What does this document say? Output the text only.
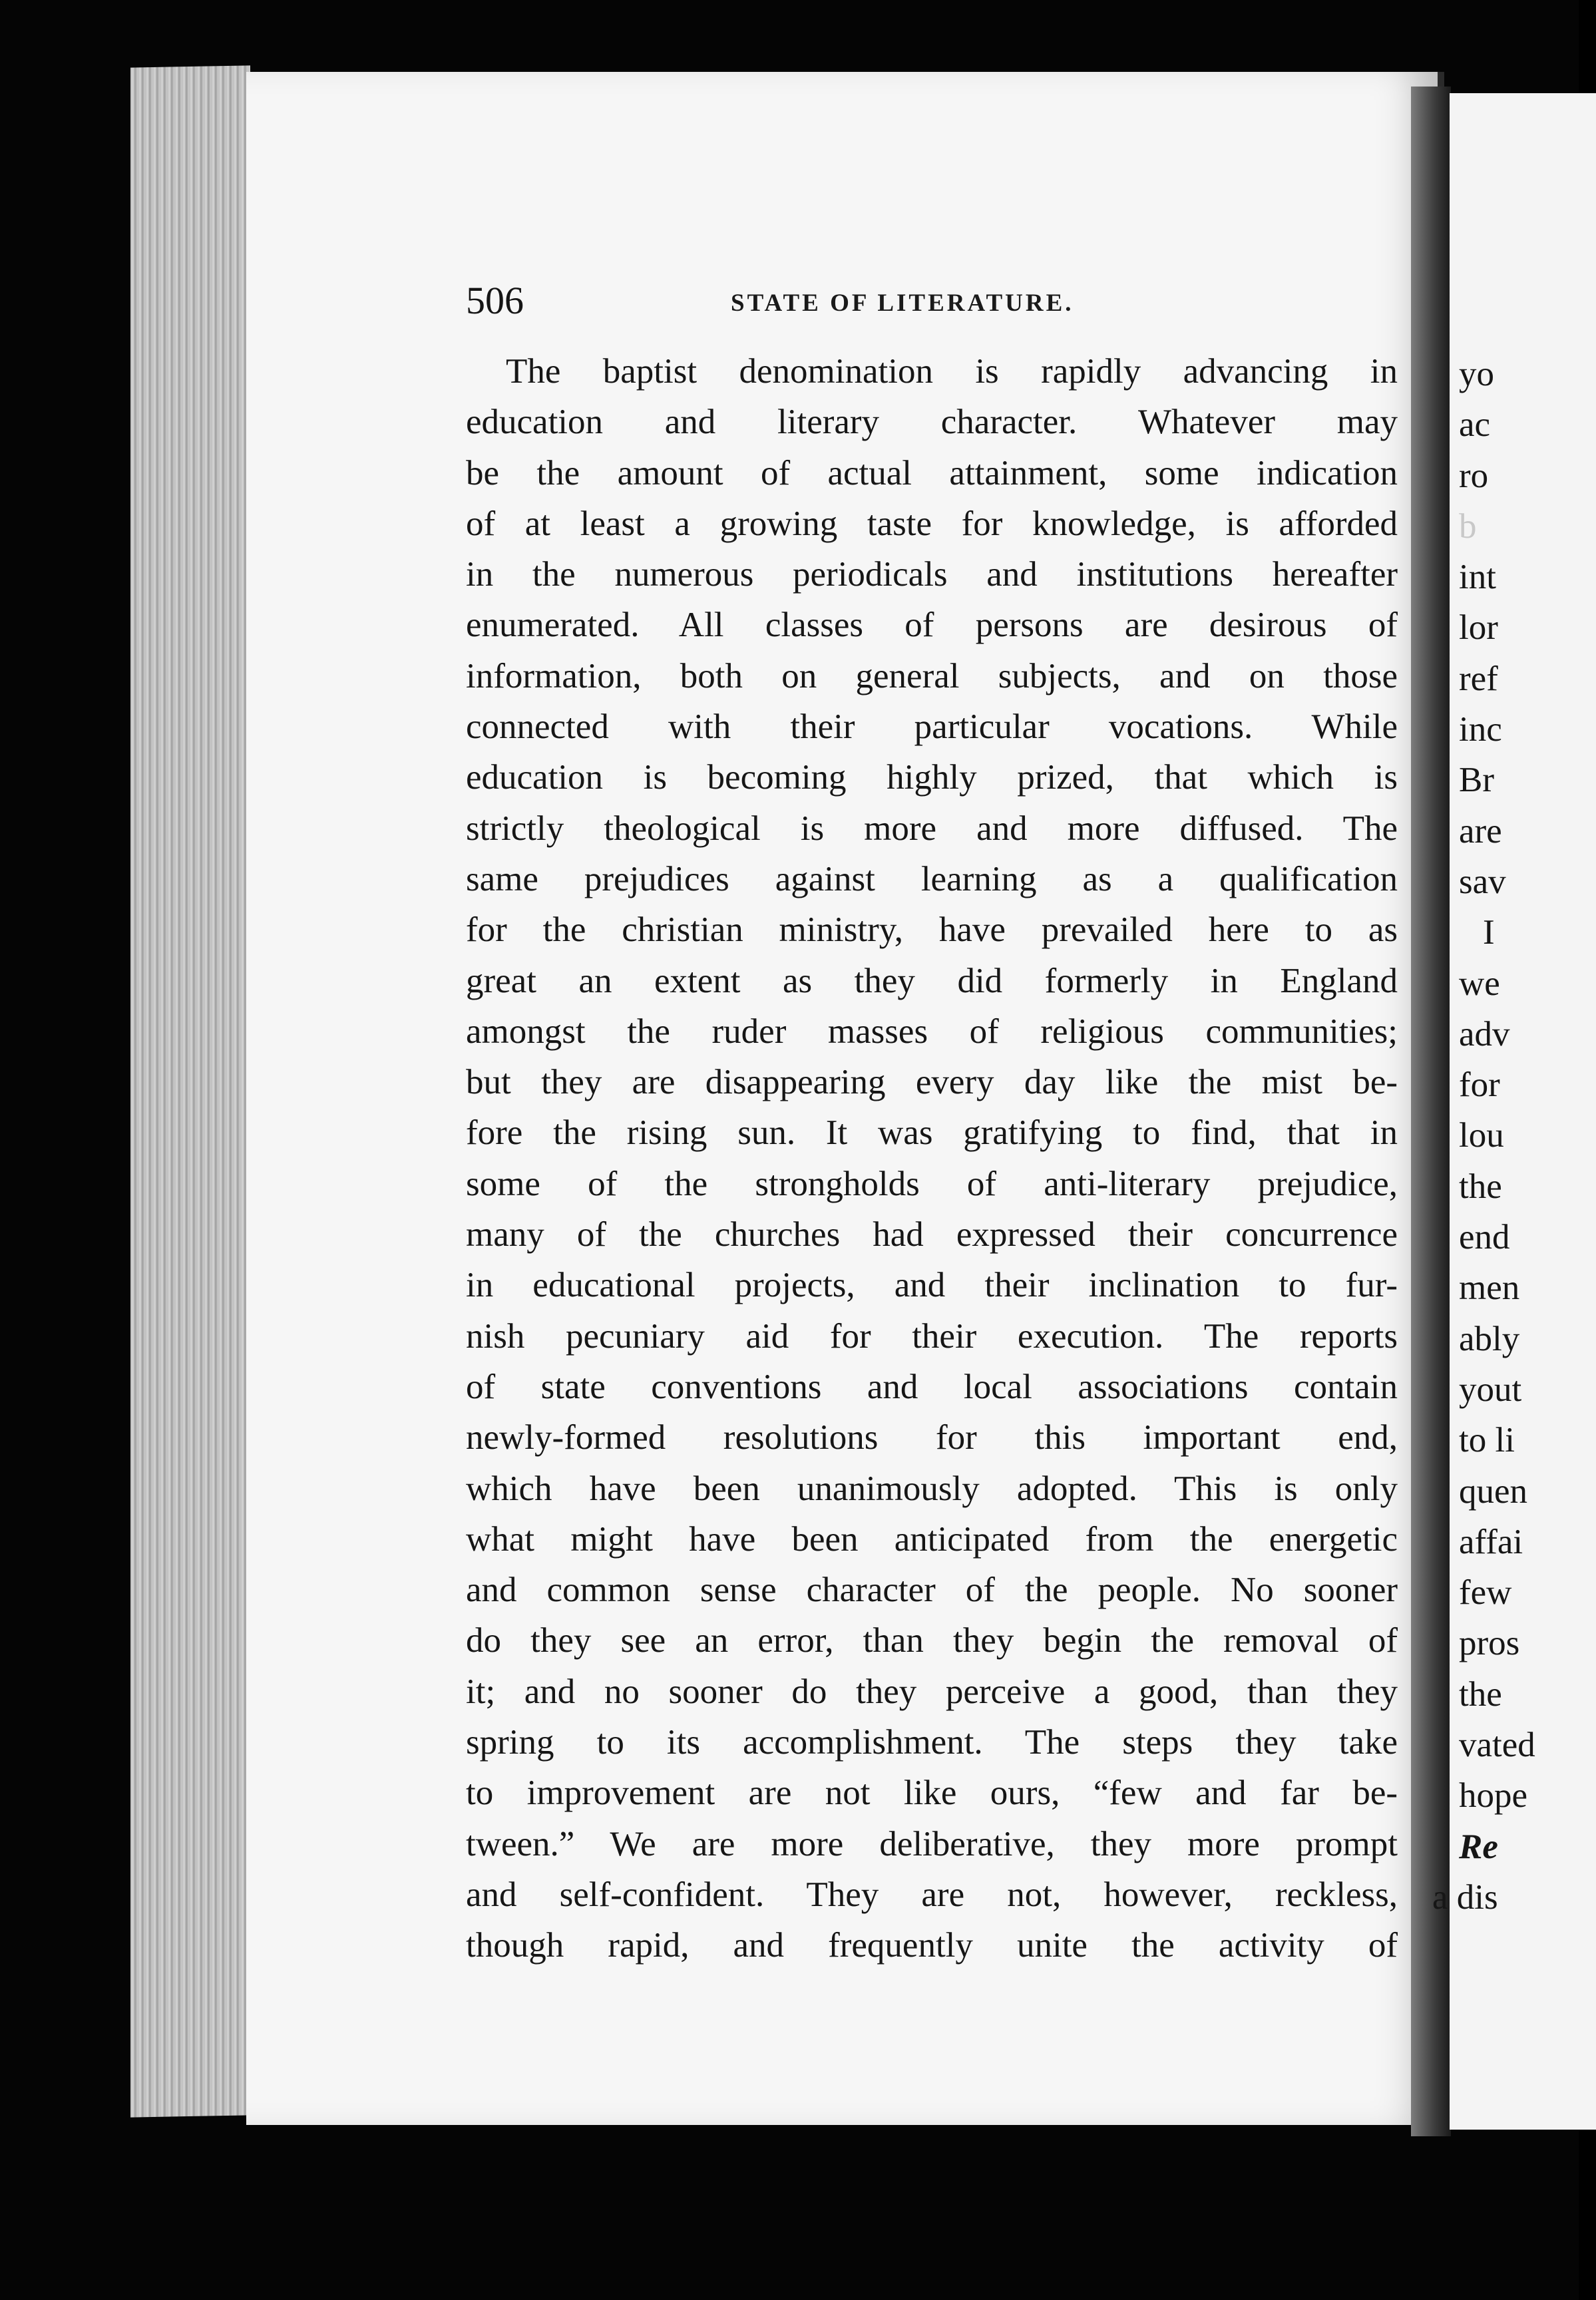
yo
ac
ro
b
int
lor
ref
inc
Br
are
sav
I
we
adv
for
lou
the
end
men
ably
yout
to li
quen
affai
few
pros
the
vated
hope
Re
a dis
506	STATE OF LITERATURE.
The baptist denomination is rapidly advancing in
education and literary character. Whatever may
be the amount of actual attainment, some indication
of at least a growing taste for knowledge, is afforded
in the numerous periodicals and institutions hereafter
enumerated. All classes of persons are desirous of
information, both on general subjects, and on those
connected with their particular vocations. While
education is becoming highly prized, that which is
strictly theological is more and more diffused. The
same prejudices against learning as a qualification
for the christian ministry, have prevailed here to as
great an extent as they did formerly in England
amongst the ruder masses of religious communities;
but they are disappearing every day like the mist be-
fore the rising sun. It was gratifying to find, that in
some of the strongholds of anti-literary prejudice,
many of the churches had expressed their concurrence
in educational projects, and their inclination to fur-
nish pecuniary aid for their execution. The reports
of state conventions and local associations contain
newly-formed resolutions for this important end,
which have been unanimously adopted. This is only
what might have been anticipated from the energetic
and common sense character of the people. No sooner
do they see an error, than they begin the removal of
it; and no sooner do they perceive a good, than they
spring to its accomplishment. The steps they take
to improvement are not like ours, “few and far be-
tween.” We are more deliberative, they more prompt
and self-confident. They are not, however, reckless,
though rapid, and frequently unite the activity of
